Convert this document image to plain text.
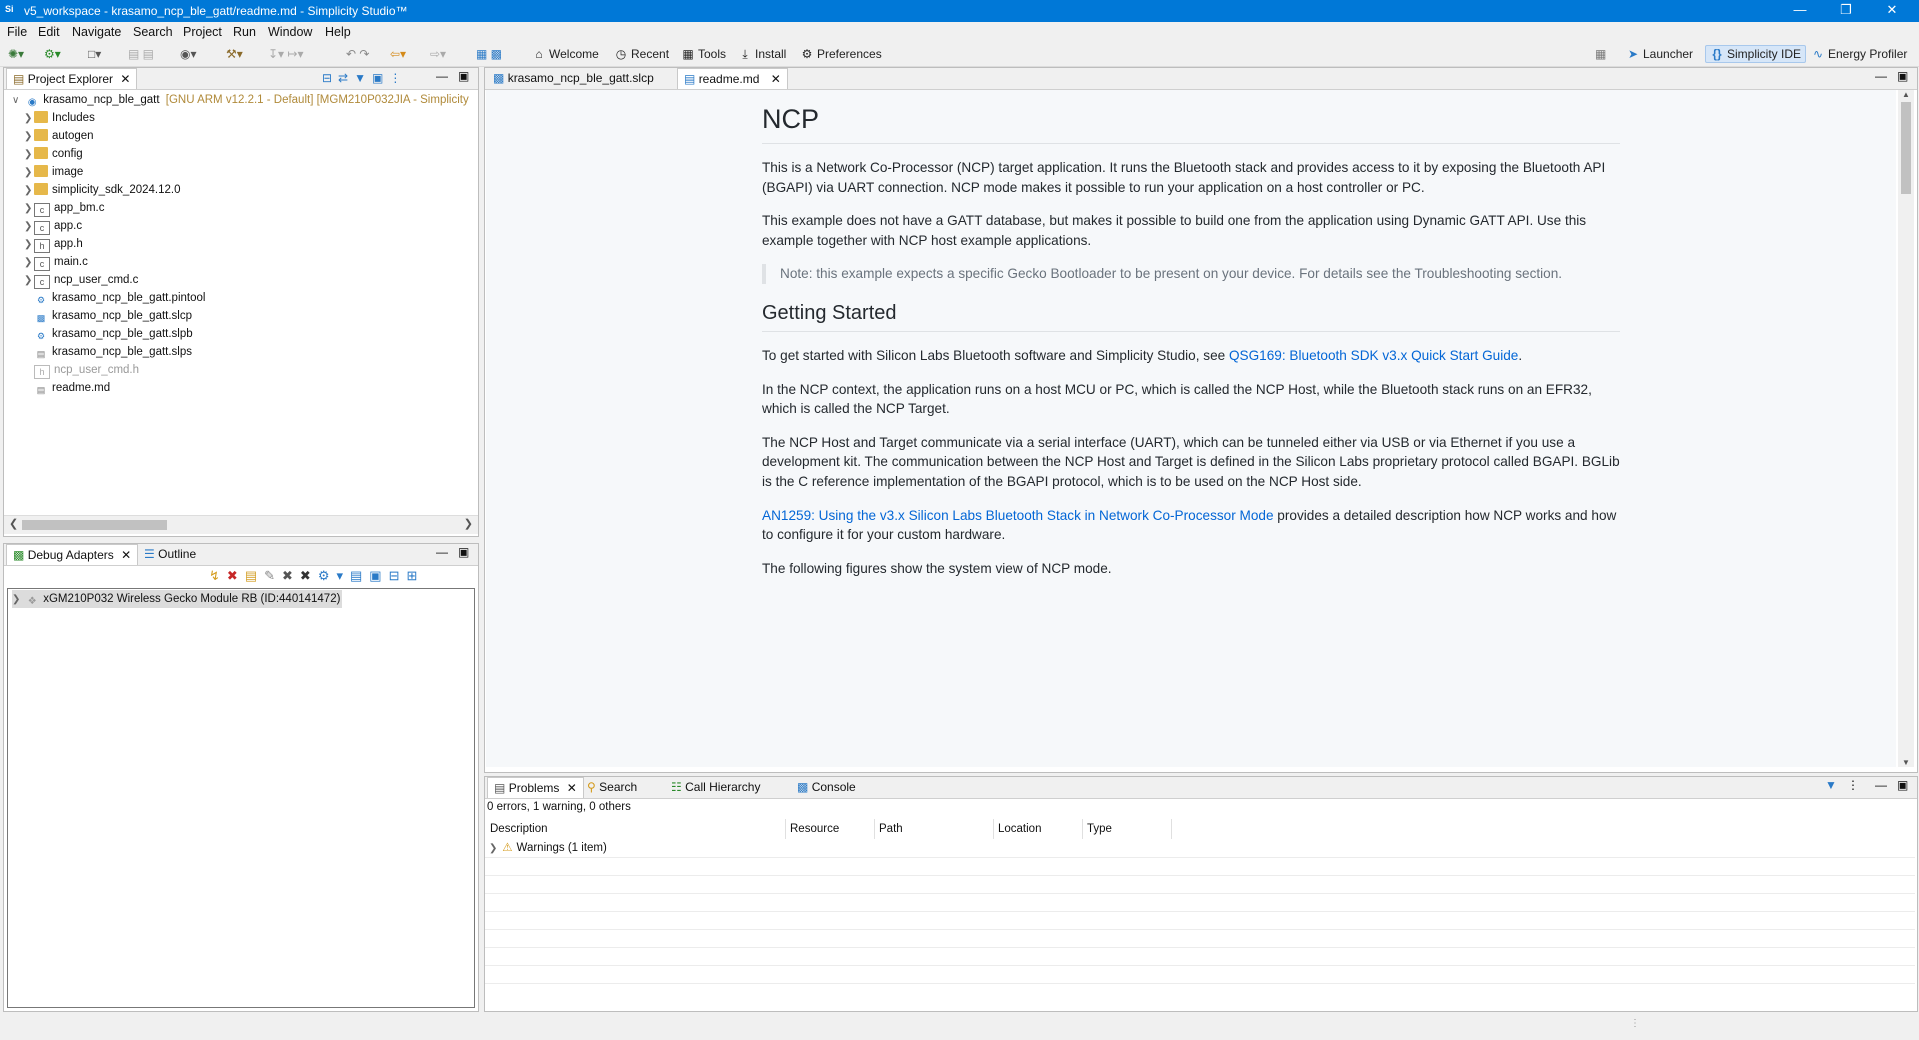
Si v5_workspace - krasamo_ncp_ble_gatt/readme.md - Simplicity Studio™	—	❐	✕
File Edit Navigate Search Project Run Window Help
✺▾ ⚙▾ □▾ ▤ ▤ ◉▾ ⚒▾ ↧▾ ↦▾	↶ ↷ ⇦▾ ⇨▾ ▦ ▩	⌂ Welcome ◷ Recent ▦ Tools	⤓ Install ⚙ Preferences	▦ ➤ Launcher {} Simplicity IDE ∿ Energy Profiler
▤ Project Explorer ✕	⊟⇄▼▣⋮ — ▣
∨ ◉ krasamo_ncp_ble_gatt [GNU ARM v12.2.1 - Default] [MGM210P032JIA - Simplicity
❯ Includes
❯ autogen
❯ config
❯ image
❯ simplicity_sdk_2024.12.0
❯ c app_bm.c
❯ c app.c
❯ h app.h
❯ c main.c
❯ c ncp_user_cmd.c
⚙ krasamo_ncp_ble_gatt.pintool
▩ krasamo_ncp_ble_gatt.slcp
⚙ krasamo_ncp_ble_gatt.slpb
▤ krasamo_ncp_ble_gatt.slps
h ncp_user_cmd.h
▤ readme.md
❮	❯
▩ Debug Adapters ✕	☰ Outline	— ▣
↯✖▤✎✖✖⚙▾▤▣⊟⊞
❯ ❖ xGM210P032 Wireless Gecko Module RB (ID:440141472)
▩ krasamo_ncp_ble_gatt.slcp	▤ readme.md ✕	— ▣
NCP

This is a Network Co-Processor (NCP) target application. It runs the Bluetooth stack and provides access to it by exposing the Bluetooth API (BGAPI) via UART connection. NCP mode makes it possible to run your application on a host controller or PC.

This example does not have a GATT database, but makes it possible to build one from the application using Dynamic GATT API. Use this example together with NCP host example applications.

Note: this example expects a specific Gecko Bootloader to be present on your device. For details see the Troubleshooting section.
Getting Started

To get started with Silicon Labs Bluetooth software and Simplicity Studio, see QSG169: Bluetooth SDK v3.x Quick Start Guide.

In the NCP context, the application runs on a host MCU or PC, which is called the NCP Host, while the Bluetooth stack runs on an EFR32, which is called the NCP Target.

The NCP Host and Target communicate via a serial interface (UART), which can be tunneled either via USB or via Ethernet if you use a development kit. The communication between the NCP Host and Target is defined in the Silicon Labs proprietary protocol called BGAPI. BGLib is the C reference implementation of the BGAPI protocol, which is to be used on the NCP Host side.

AN1259: Using the v3.x Silicon Labs Bluetooth Stack in Network Co-Processor Mode provides a detailed description how NCP works and how to configure it for your custom hardware.

The following figures show the system view of NCP mode.

▲
▼
▤ Problems ✕ ⚲ Search	☷ Call Hierarchy	▩ Console	▼ ⋮ — ▣
0 errors, 1 warning, 0 others
Description	Resource	Path	Location	Type
❯ ⚠ Warnings (1 item)
⋮
